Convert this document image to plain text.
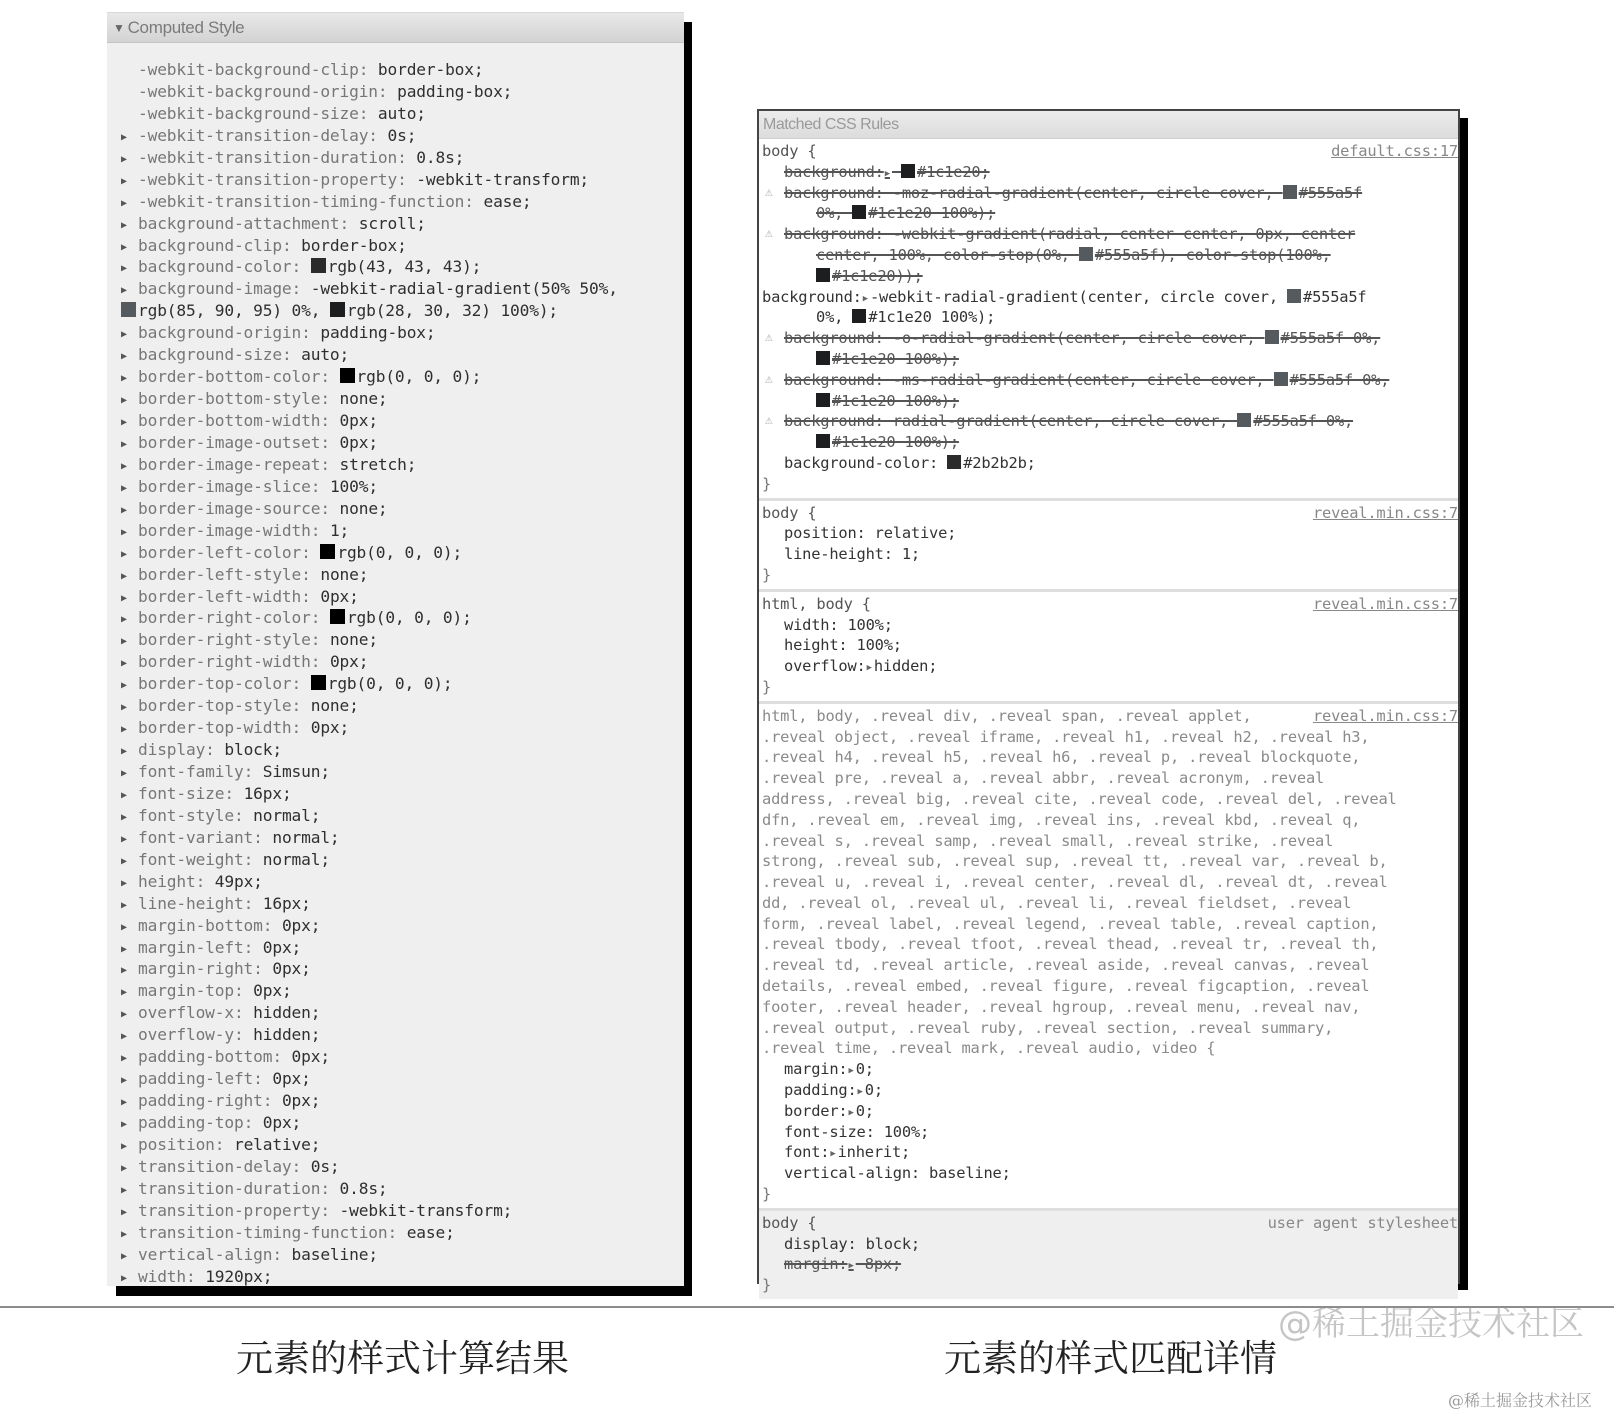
▼ Computed Style
-webkit-background-clip: border-box;
-webkit-background-origin: padding-box;
-webkit-background-size: auto;
▶ -webkit-transition-delay: 0s;
▶ -webkit-transition-duration: 0.8s;
▶ -webkit-transition-property: -webkit-transform;
▶ -webkit-transition-timing-function: ease;
▶ background-attachment: scroll;
▶ background-clip: border-box;
▶ background-color: rgb(43, 43, 43);
▶ background-image: -webkit-radial-gradient(50% 50%,
rgb(85, 90, 95) 0%, rgb(28, 30, 32) 100%);
▶ background-origin: padding-box;
▶ background-size: auto;
▶ border-bottom-color: rgb(0, 0, 0);
▶ border-bottom-style: none;
▶ border-bottom-width: 0px;
▶ border-image-outset: 0px;
▶ border-image-repeat: stretch;
▶ border-image-slice: 100%;
▶ border-image-source: none;
▶ border-image-width: 1;
▶ border-left-color: rgb(0, 0, 0);
▶ border-left-style: none;
▶ border-left-width: 0px;
▶ border-right-color: rgb(0, 0, 0);
▶ border-right-style: none;
▶ border-right-width: 0px;
▶ border-top-color: rgb(0, 0, 0);
▶ border-top-style: none;
▶ border-top-width: 0px;
▶ display: block;
▶ font-family: Simsun;
▶ font-size: 16px;
▶ font-style: normal;
▶ font-variant: normal;
▶ font-weight: normal;
▶ height: 49px;
▶ line-height: 16px;
▶ margin-bottom: 0px;
▶ margin-left: 0px;
▶ margin-right: 0px;
▶ margin-top: 0px;
▶ overflow-x: hidden;
▶ overflow-y: hidden;
▶ padding-bottom: 0px;
▶ padding-left: 0px;
▶ padding-right: 0px;
▶ padding-top: 0px;
▶ position: relative;
▶ transition-delay: 0s;
▶ transition-duration: 0.8s;
▶ transition-property: -webkit-transform;
▶ transition-timing-function: ease;
▶ vertical-align: baseline;
▶ width: 1920px;
Matched CSS Rules
body {	default.css:17
background:▶ #1c1e20;
⚠ background: -moz-radial-gradient(center, circle cover, #555a5f
0%, #1c1e20 100%);
⚠ background: -webkit-gradient(radial, center center, 0px, center
center, 100%, color-stop(0%, #555a5f), color-stop(100%,
#1c1e20));
background:▶ -webkit-radial-gradient(center, circle cover, #555a5f
0%, #1c1e20 100%);
⚠ background: -o-radial-gradient(center, circle cover, #555a5f 0%,
#1c1e20 100%);
⚠ background: -ms-radial-gradient(center, circle cover, #555a5f 0%,
#1c1e20 100%);
⚠ background: radial-gradient(center, circle cover, #555a5f 0%,
#1c1e20 100%);
background-color: #2b2b2b;
}
body {	reveal.min.css:7
position: relative;
line-height: 1;
}
html, body {	reveal.min.css:7
width: 100%;
height: 100%;
overflow:▶ hidden;
}
html, body, .reveal div, .reveal span, .reveal applet,	reveal.min.css:7
.reveal object, .reveal iframe, .reveal h1, .reveal h2, .reveal h3,
.reveal h4, .reveal h5, .reveal h6, .reveal p, .reveal blockquote,
.reveal pre, .reveal a, .reveal abbr, .reveal acronym, .reveal
address, .reveal big, .reveal cite, .reveal code, .reveal del, .reveal
dfn, .reveal em, .reveal img, .reveal ins, .reveal kbd, .reveal q,
.reveal s, .reveal samp, .reveal small, .reveal strike, .reveal
strong, .reveal sub, .reveal sup, .reveal tt, .reveal var, .reveal b,
.reveal u, .reveal i, .reveal center, .reveal dl, .reveal dt, .reveal
dd, .reveal ol, .reveal ul, .reveal li, .reveal fieldset, .reveal
form, .reveal label, .reveal legend, .reveal table, .reveal caption,
.reveal tbody, .reveal tfoot, .reveal thead, .reveal tr, .reveal th,
.reveal td, .reveal article, .reveal aside, .reveal canvas, .reveal
details, .reveal embed, .reveal figure, .reveal figcaption, .reveal
footer, .reveal header, .reveal hgroup, .reveal menu, .reveal nav,
.reveal output, .reveal ruby, .reveal section, .reveal summary,
.reveal time, .reveal mark, .reveal audio, video {
margin:▶ 0;
padding:▶ 0;
border:▶ 0;
font-size: 100%;
font:▶ inherit;
vertical-align: baseline;
}
body {	user agent stylesheet
display: block;
margin:▶ 8px;
}
元素的样式计算结果	元素的样式匹配详情
@稀土掘金技术社区
@稀土掘金技术社区
